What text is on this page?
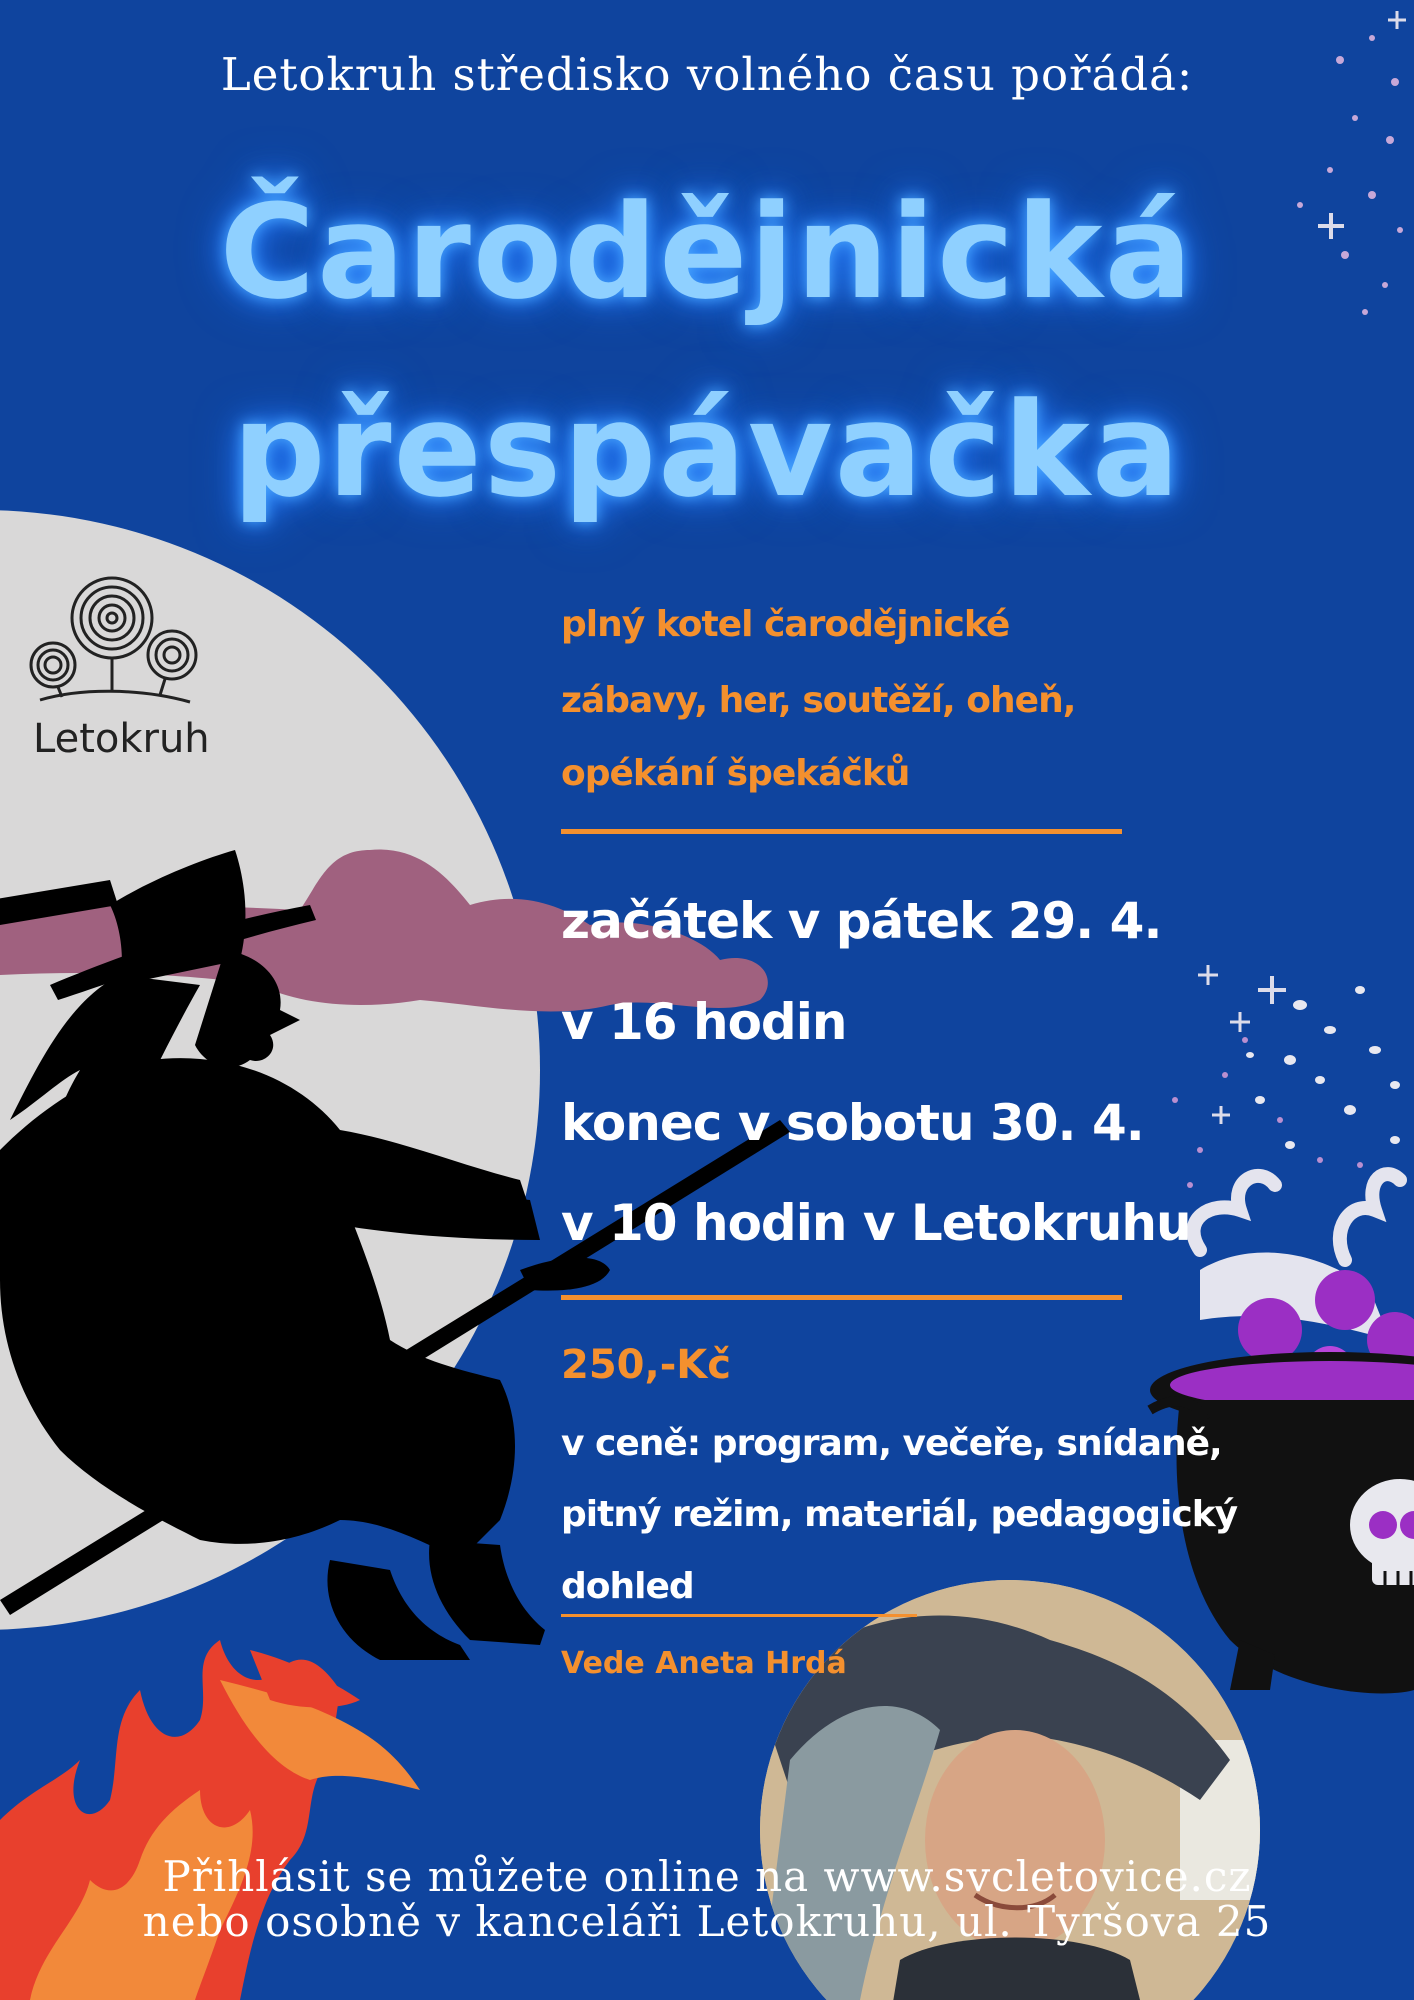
Letokruh středisko volného času pořádá:

Čarodějnická

přespávačka

Letokruh

plný kotel čarodějnické

zábavy, her, soutěží, oheň,

opékání špekáčků

začátek v pátek 29. 4.

v 16 hodin

konec v sobotu 30. 4.

v 10 hodin v Letokruhu

250,-Kč

v ceně: program, večeře, snídaně,

pitný režim, materiál, pedagogický

dohled

Vede Aneta Hrdá

Přihlásit se můžete online na www.svcletovice.cz

nebo osobně v kanceláři Letokruhu, ul. Tyršova 25
